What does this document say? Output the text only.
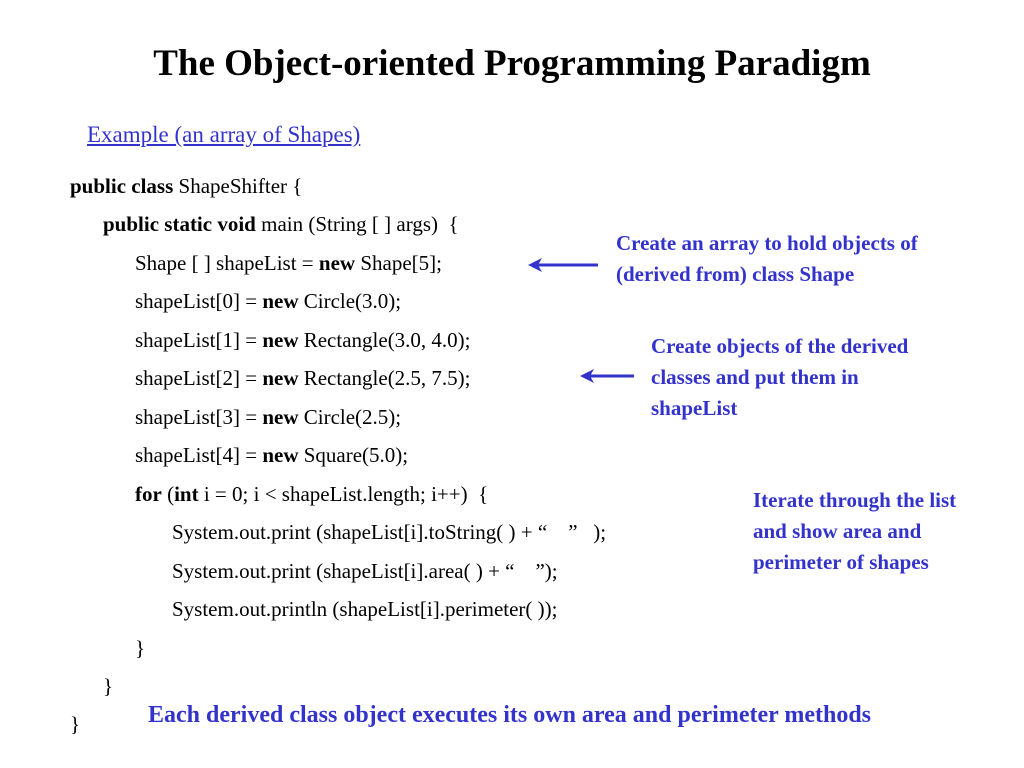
The Object-oriented Programming Paradigm
Example (an array of Shapes)
public class ShapeShifter {
public static void main (String [ ] args)  {
Shape [ ] shapeList = new Shape[5];
shapeList[0] = new Circle(3.0);
shapeList[1] = new Rectangle(3.0, 4.0);
shapeList[2] = new Rectangle(2.5, 7.5);
shapeList[3] = new Circle(2.5);
shapeList[4] = new Square(5.0);
for (int i = 0; i < shapeList.length; i++)  {
System.out.print (shapeList[i].toString( ) + “    ”   );
System.out.print (shapeList[i].area( ) + “    ”);
System.out.println (shapeList[i].perimeter( ));
}
}
}
Create an array to hold objects of
(derived from) class Shape
Create objects of the derived
classes and put them in
shapeList
Iterate through the list
and show area and
perimeter of shapes
Each derived class object executes its own area and perimeter methods
